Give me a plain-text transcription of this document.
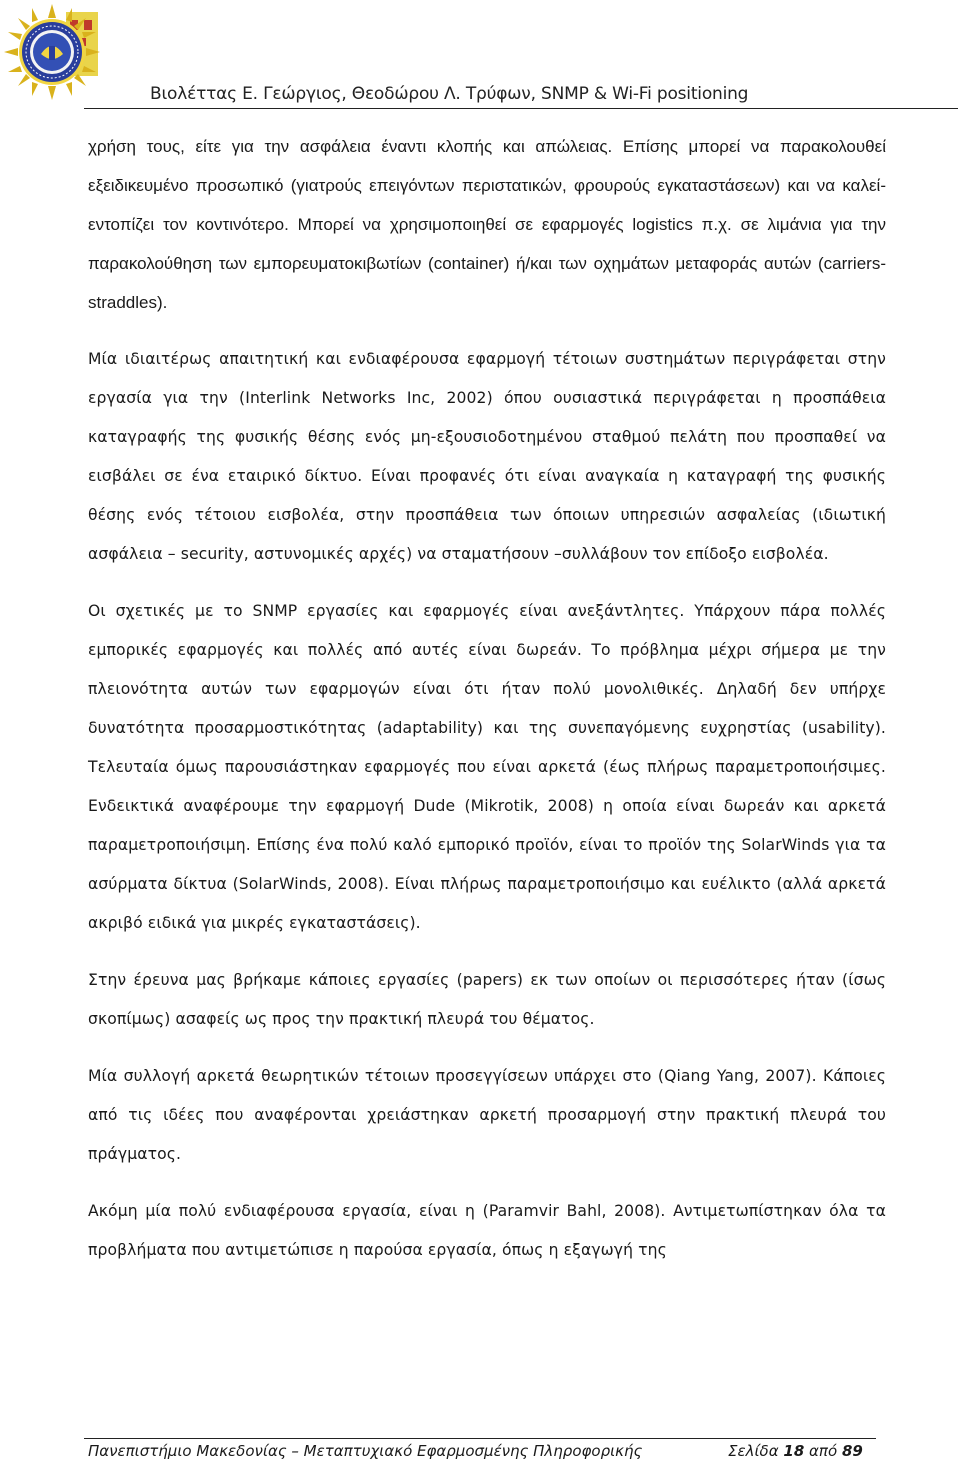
Βιολέττας Ε. Γεώργιος, Θεοδώρου Λ. Τρύφων, SNMP & Wi-Fi positioning

χρήση τους, είτε για την ασφάλεια έναντι κλοπής και απώλειας. Επίσης μπορεί να παρακολουθεί εξειδικευμένο προσωπικό (γιατρούς επειγόντων περιστατικών, φρουρούς εγκαταστάσεων) και να καλεί-εντοπίζει τον κοντινότερο. Μπορεί να χρησιμοποιηθεί σε εφαρμογές logistics π.χ. σε λιμάνια για την παρακολούθηση των εμπορευματοκιβωτίων (container) ή/και των οχημάτων μεταφοράς αυτών (carriers- straddles).

Μία ιδιαιτέρως απαιτητική και ενδιαφέρουσα εφαρμογή τέτοιων συστημάτων περιγράφεται στην εργασία για την (Interlink Networks Inc, 2002) όπου ουσιαστικά περιγράφεται η προσπάθεια καταγραφής της φυσικής θέσης ενός μη-εξουσιοδοτημένου σταθμού πελάτη που προσπαθεί να εισβάλει σε ένα εταιρικό δίκτυο. Είναι προφανές ότι είναι αναγκαία η καταγραφή της φυσικής θέσης ενός τέτοιου εισβολέα, στην προσπάθεια των όποιων υπηρεσιών ασφαλείας (ιδιωτική ασφάλεια – security, αστυνομικές αρχές) να σταματήσουν –συλλάβουν τον επίδοξο εισβολέα.

Οι σχετικές με το SNMP εργασίες και εφαρμογές είναι ανεξάντλητες. Υπάρχουν πάρα πολλές εμπορικές εφαρμογές και πολλές από αυτές είναι δωρεάν. Το πρόβλημα μέχρι σήμερα με την πλειονότητα αυτών των εφαρμογών είναι ότι ήταν πολύ μονολιθικές. Δηλαδή δεν υπήρχε δυνατότητα προσαρμοστικότητας (adaptability) και της συνεπαγόμενης ευχρηστίας (usability). Τελευταία όμως παρουσιάστηκαν εφαρμογές που είναι αρκετά (έως πλήρως παραμετροποιήσιμες. Ενδεικτικά αναφέρουμε την εφαρμογή Dude (Mikrotik, 2008) η οποία είναι δωρεάν και αρκετά παραμετροποιήσιμη. Επίσης ένα πολύ καλό εμπορικό προϊόν, είναι το προϊόν της SolarWinds για τα ασύρματα δίκτυα (SolarWinds, 2008). Είναι πλήρως παραμετροποιήσιμο και ευέλικτο (αλλά αρκετά ακριβό ειδικά για μικρές εγκαταστάσεις).

Στην έρευνα μας βρήκαμε κάποιες εργασίες (papers) εκ των οποίων οι περισσότερες ήταν (ίσως σκοπίμως) ασαφείς ως προς την πρακτική πλευρά του θέματος.

Μία συλλογή αρκετά θεωρητικών τέτοιων προσεγγίσεων υπάρχει στο (Qiang Yang, 2007). Κάποιες από τις ιδέες που αναφέρονται χρειάστηκαν αρκετή προσαρμογή στην πρακτική πλευρά του πράγματος.

Ακόμη μία πολύ ενδιαφέρουσα εργασία, είναι η (Paramvir Bahl, 2008). Αντιμετωπίστηκαν όλα τα προβλήματα που αντιμετώπισε η παρούσα εργασία, όπως η εξαγωγή της

Πανεπιστήμιο Μακεδονίας – Μεταπτυχιακό Εφαρμοσμένης Πληροφορικής	Σελίδα 18 από 89
